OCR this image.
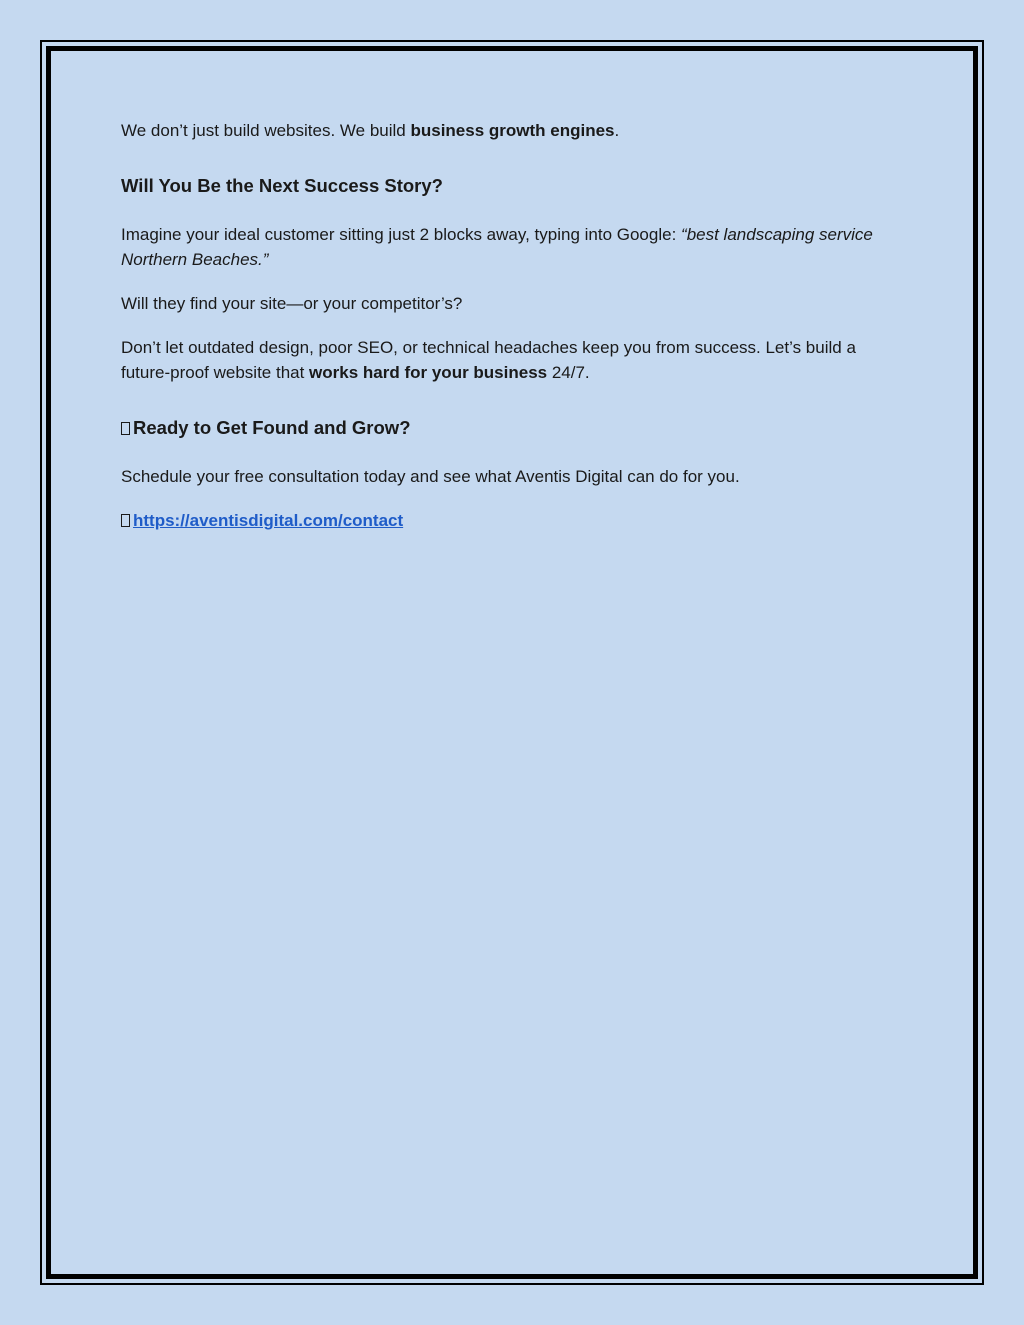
We don’t just build websites. We build business growth engines.

Will You Be the Next Success Story?

Imagine your ideal customer sitting just 2 blocks away, typing into Google: “best landscaping service Northern Beaches.”

Will they find your site—or your competitor’s?

Don’t let outdated design, poor SEO, or technical headaches keep you from success. Let’s build a future-proof website that works hard for your business 24/7.

Ready to Get Found and Grow?

Schedule your free consultation today and see what Aventis Digital can do for you.

https://aventisdigital.com/contact
